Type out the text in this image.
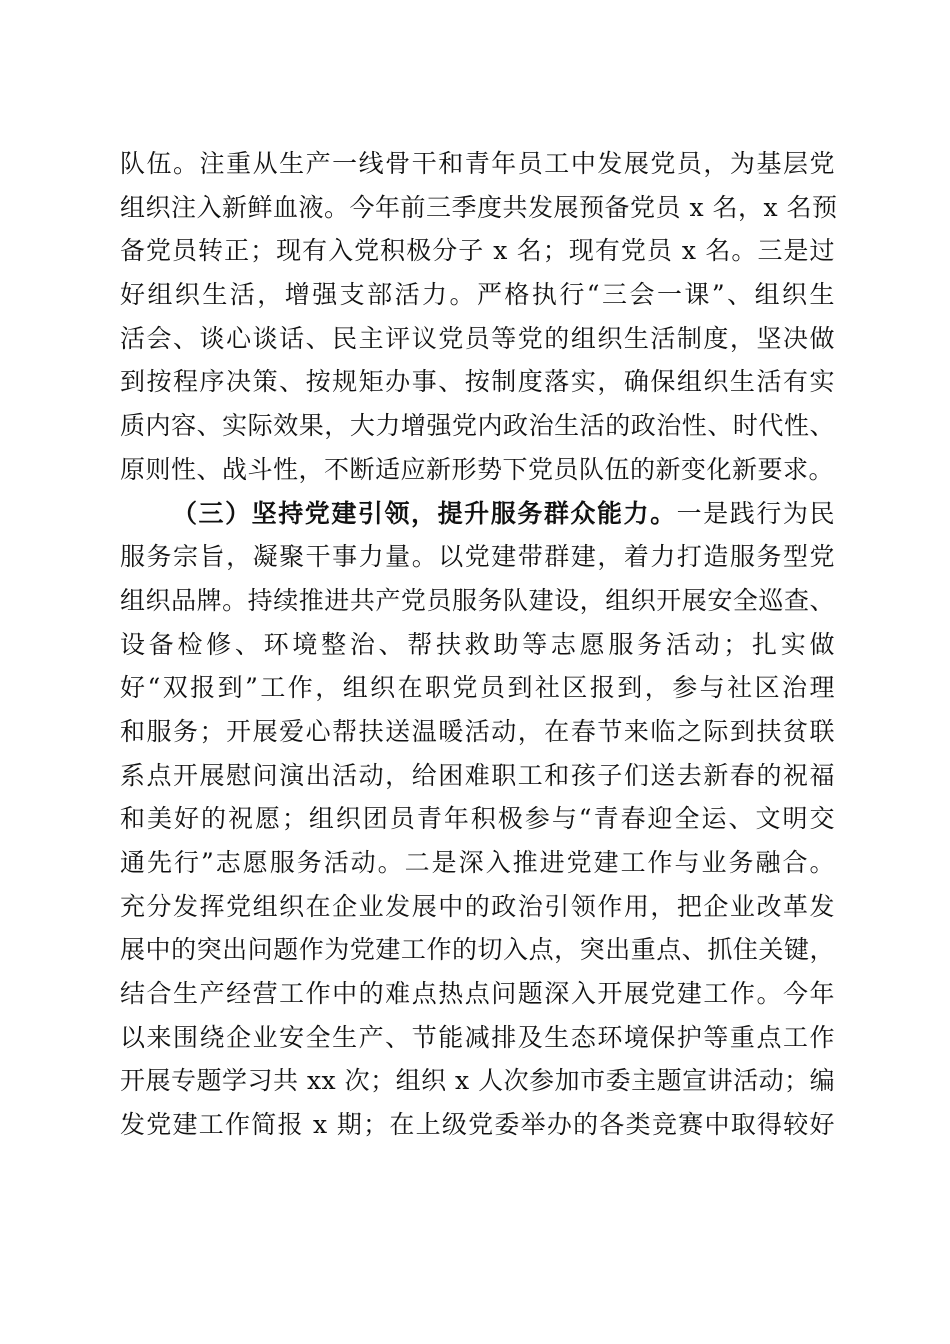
队伍。注重从生产一线骨干和青年员工中发展党员，为基层党
组织注入新鲜血液。今年前三季度共发展预备党员 x 名，x 名预
备党员转正；现有入党积极分子 x 名；现有党员 x 名。三是过
好组织生活，增强支部活力。严格执行“三会一课”、组织生
活会、谈心谈话、民主评议党员等党的组织生活制度，坚决做
到按程序决策、按规矩办事、按制度落实，确保组织生活有实
质内容、实际效果，大力增强党内政治生活的政治性、时代性、
原则性、战斗性，不断适应新形势下党员队伍的新变化新要求。
（三）坚持党建引领，提升服务群众能力。一是践行为民
服务宗旨，凝聚干事力量。以党建带群建，着力打造服务型党
组织品牌。持续推进共产党员服务队建设，组织开展安全巡查、
设备检修、环境整治、帮扶救助等志愿服务活动；扎实做
好“双报到”工作，组织在职党员到社区报到，参与社区治理
和服务；开展爱心帮扶送温暖活动，在春节来临之际到扶贫联
系点开展慰问演出活动，给困难职工和孩子们送去新春的祝福
和美好的祝愿；组织团员青年积极参与“青春迎全运、文明交
通先行”志愿服务活动。二是深入推进党建工作与业务融合。
充分发挥党组织在企业发展中的政治引领作用，把企业改革发
展中的突出问题作为党建工作的切入点，突出重点、抓住关键，
结合生产经营工作中的难点热点问题深入开展党建工作。今年
以来围绕企业安全生产、节能减排及生态环境保护等重点工作
开展专题学习共 xx 次；组织 x 人次参加市委主题宣讲活动；编
发党建工作简报 x 期；在上级党委举办的各类竞赛中取得较好
